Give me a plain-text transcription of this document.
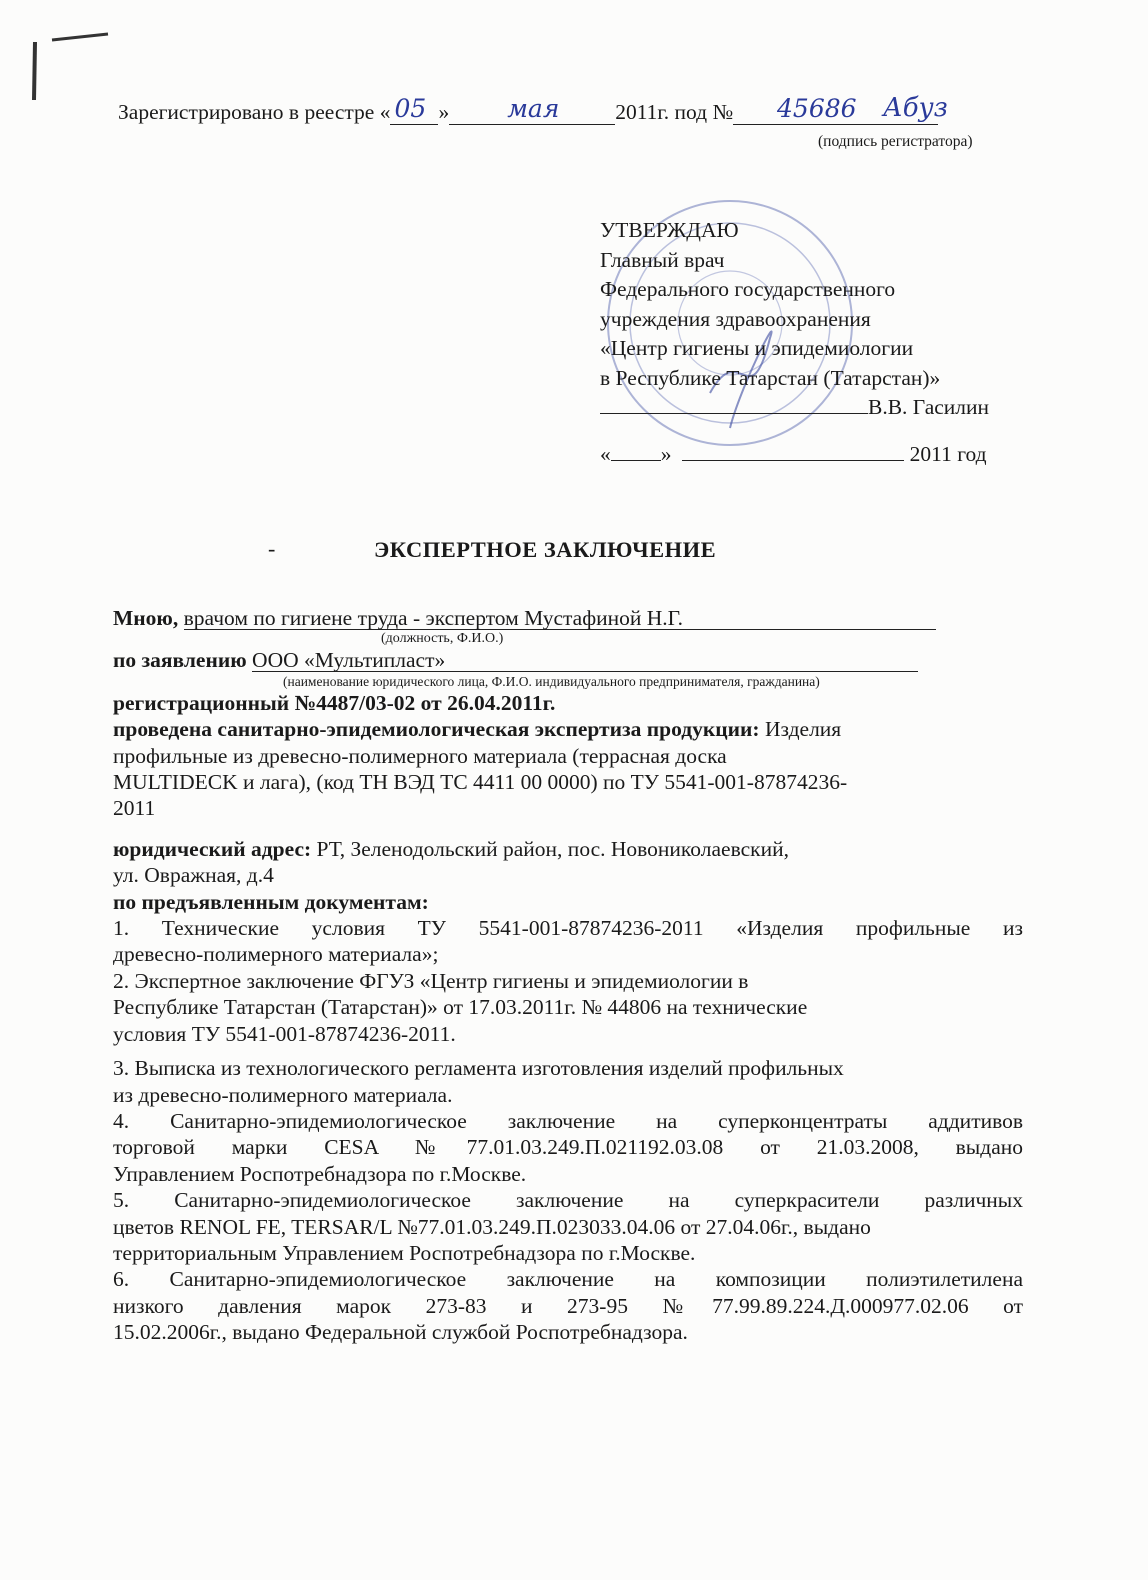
Зарегистрировано в реестре « 05 » мая	2011г. под № 45686 Абуз
(подпись регистратора)
УТВЕРЖДАЮ
Главный врач
Федерального государственного
учреждения здравоохранения
«Центр гигиены и эпидемиологии
в Республике Татарстан (Татарстан)»
В.В. Гасилин
« »	2011 год
-	ЭКСПЕРТНОЕ ЗАКЛЮЧЕНИЕ
Мною, врачом по гигиене труда - экспертом Мустафиной Н.Г.
(должность, Ф.И.О.)
по заявлению ООО «Мультипласт»
(наименование юридического лица, Ф.И.О. индивидуального предпринимателя, гражданина)
регистрационный №4487/03-02 от 26.04.2011г.
проведена санитарно-эпидемиологическая экспертиза продукции: Изделия
профильные из древесно-полимерного материала (террасная доска
MULTIDECK и лага), (код ТН ВЭД ТС 4411 00 0000) по ТУ 5541-001-87874236-
2011
юридический адрес: РТ, Зеленодольский район, пос. Новониколаевский,
ул. Овражная, д.4
по предъявленным документам:
1. Технические условия ТУ 5541-001-87874236-2011 «Изделия профильные из
древесно-полимерного материала»;
2. Экспертное заключение ФГУЗ «Центр гигиены и эпидемиологии в
Республике Татарстан (Татарстан)» от 17.03.2011г. № 44806 на технические
условия ТУ 5541-001-87874236-2011.
3. Выписка из технологического регламента изготовления изделий профильных
из древесно-полимерного материала.
4. Санитарно-эпидемиологическое заключение на суперконцентраты аддитивов
торговой марки CESA №77.01.03.249.П.021192.03.08 от 21.03.2008, выдано
Управлением Роспотребнадзора по г.Москве.
5. Санитарно-эпидемиологическое заключение на суперкрасители различных
цветов RENOL FE, TERSAR/L №77.01.03.249.П.023033.04.06 от 27.04.06г., выдано
территориальным Управлением Роспотребнадзора по г.Москве.
6. Санитарно-эпидемиологическое заключение на композиции полиэтилетилена
низкого давления марок 273-83 и 273-95 №77.99.89.224.Д.000977.02.06 от
15.02.2006г., выдано Федеральной службой Роспотребнадзора.
